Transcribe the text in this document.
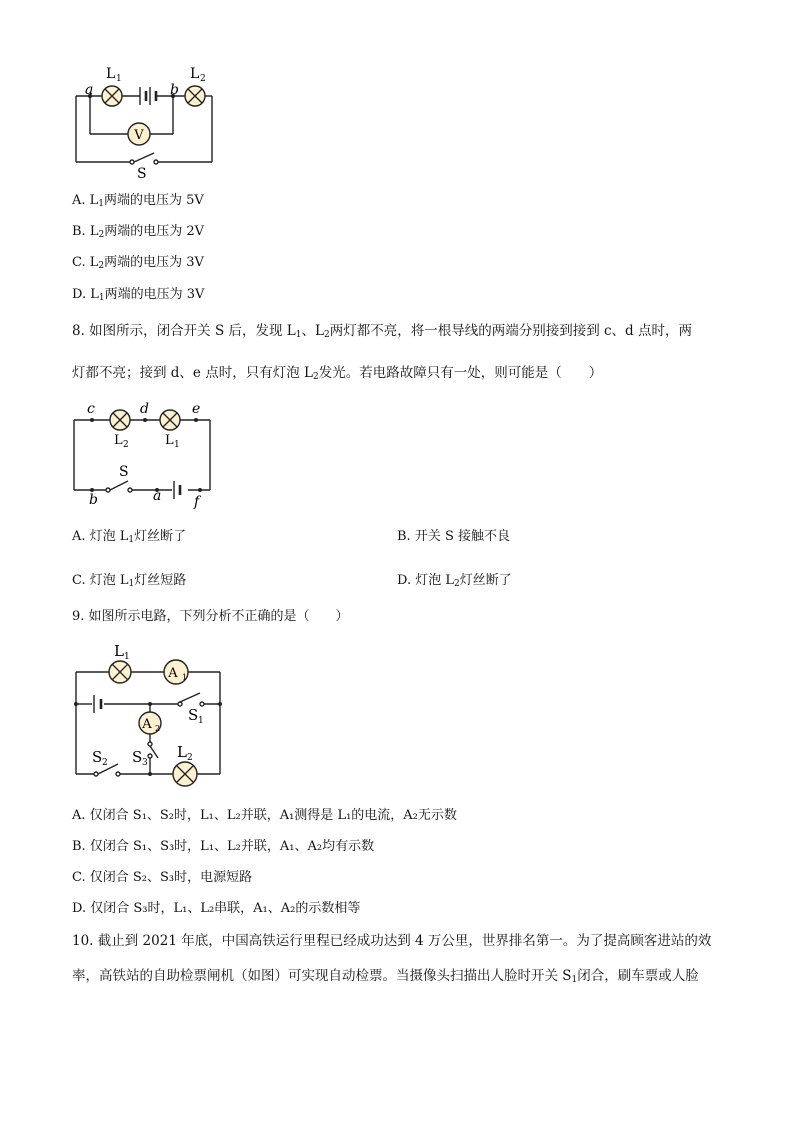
V
L 1	L 2
a	b
S
A. $L_1$两端的电压为 5V
B. $L_2$两端的电压为 2V
C. $L_2$两端的电压为 3V
D. $L_1$两端的电压为 3V
8. 如图所示，闭合开关 S 后，发现 $L_1$、$L_2$两灯都不亮，将一根导线的两端分别接到接到 c、d 点时，两
灯都不亮；接到 d、e 点时，只有灯泡 $L_2$发光。若电路故障只有一处，则可能是（　　）
c	d	e
L 2	L 1
S
b	a f
A. 灯泡 $L_1$灯丝断了	B. 开关 S 接触不良
C. 灯泡 $L_1$灯丝短路	D. 灯泡 $L_2$灯丝断了
9. 如图所示电路，下列分析不正确的是（　　）
A 1
A 2
L 1
S 1
S 2 S 3
L 2
A. 仅闭合 S₁、S₂时，L₁、L₂并联，A₁测得是 L₁的电流，A₂无示数
B. 仅闭合 S₁、S₃时，L₁、L₂并联，A₁、A₂均有示数
C. 仅闭合 S₂、S₃时，电源短路
D. 仅闭合 S₃时，L₁、L₂串联，A₁、A₂的示数相等
10. 截止到 2021 年底，中国高铁运行里程已经成功达到 4 万公里，世界排名第一。为了提高顾客进站的效
率，高铁站的自助检票闸机（如图）可实现自动检票。当摄像头扫描出人脸时开关 $S_1$闭合，刷车票或人脸
